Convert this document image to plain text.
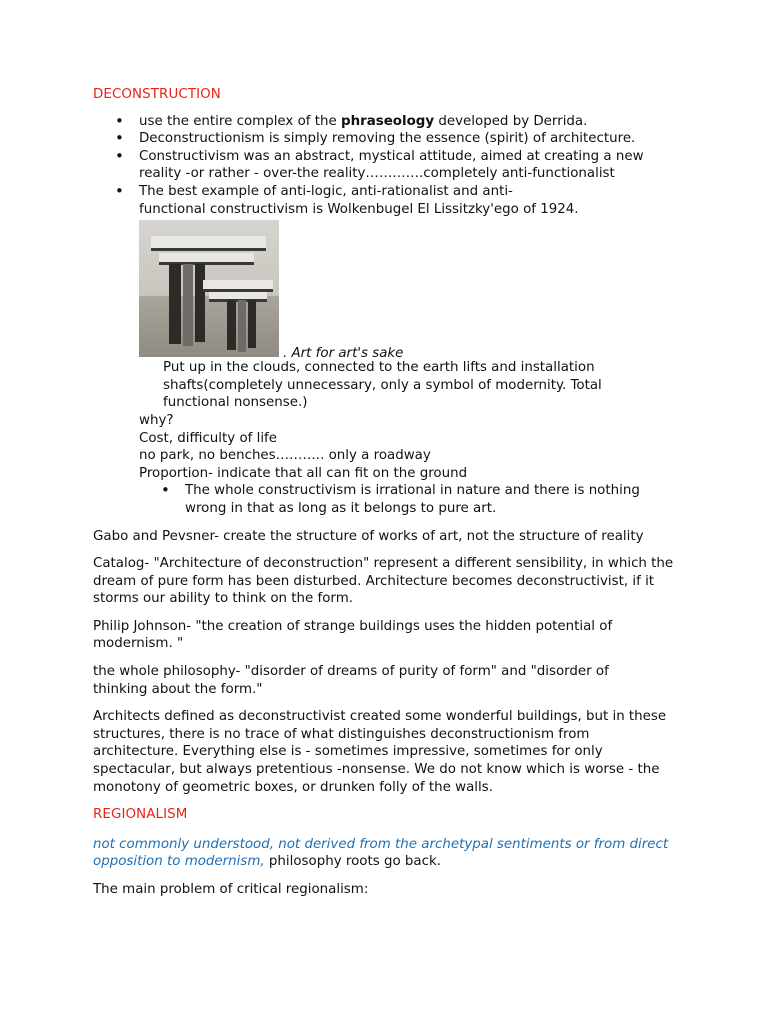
DECONSTRUCTION
• use the entire complex of the phraseology developed by Derrida.
• Deconstructionism is simply removing the essence (spirit) of architecture.
• Constructivism was an abstract, mystical attitude, aimed at creating a new reality -or rather - over-the reality………….completely anti-functionalist
• The best example of anti-logic, anti-rationalist and anti-functional constructivism is Wolkenbugel El Lissitzky'ego of 1924.
. Art for art's sake
Put up in the clouds, connected to the earth lifts and installation shafts(completely unnecessary, only a symbol of modernity. Total functional nonsense.)
why?
Cost, difficulty of life
no park, no benches……….. only a roadway
Proportion- indicate that all can fit on the ground
• The whole constructivism is irrational in nature and there is nothing wrong in that as long as it belongs to pure art.

Gabo and Pevsner- create the structure of works of art, not the structure of reality

Catalog- "Architecture of deconstruction" represent a different sensibility, in which the dream of pure form has been disturbed. Architecture becomes deconstructivist, if it storms our ability to think on the form.

Philip Johnson- "the creation of strange buildings uses the hidden potential of modernism. "

the whole philosophy- "disorder of dreams of purity of form" and "disorder of thinking about the form."

Architects defined as deconstructivist created some wonderful buildings, but in these structures, there is no trace of what distinguishes deconstructionism from architecture. Everything else is - sometimes impressive, sometimes for only spectacular, but always pretentious -nonsense. We do not know which is worse - the monotony of geometric boxes, or drunken folly of the walls.

REGIONALISM

not commonly understood, not derived from the archetypal sentiments or from direct opposition to modernism, philosophy roots go back.

The main problem of critical regionalism:
